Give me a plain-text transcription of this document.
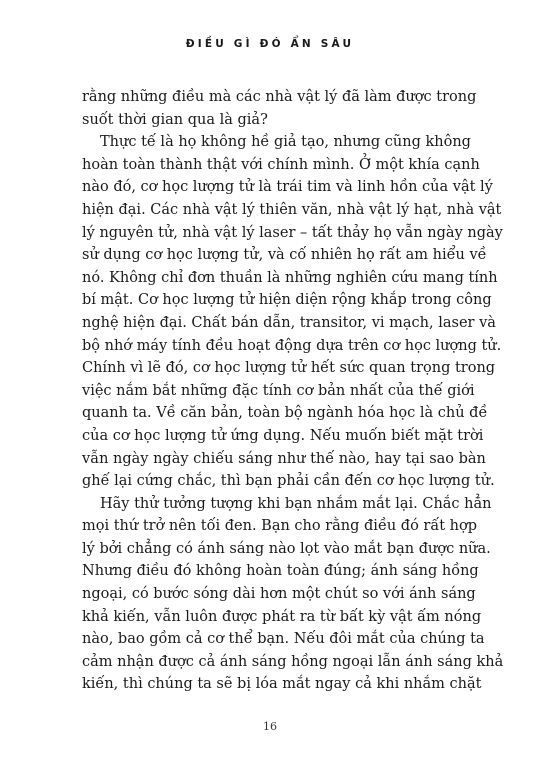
ĐIỀU GÌ ĐÓ ẨN SÂU
rằng những điều mà các nhà vật lý đã làm được trong
suốt thời gian qua là giả?
Thực tế là họ không hề giả tạo, nhưng cũng không
hoàn toàn thành thật với chính mình. Ở một khía cạnh
nào đó, cơ học lượng tử là trái tim và linh hồn của vật lý
hiện đại. Các nhà vật lý thiên văn, nhà vật lý hạt, nhà vật
lý nguyên tử, nhà vật lý laser – tất thảy họ vẫn ngày ngày
sử dụng cơ học lượng tử, và cố nhiên họ rất am hiểu về
nó. Không chỉ đơn thuần là những nghiên cứu mang tính
bí mật. Cơ học lượng tử hiện diện rộng khắp trong công
nghệ hiện đại. Chất bán dẫn, transitor, vi mạch, laser và
bộ nhớ máy tính đều hoạt động dựa trên cơ học lượng tử.
Chính vì lẽ đó, cơ học lượng tử hết sức quan trọng trong
việc nắm bắt những đặc tính cơ bản nhất của thế giới
quanh ta. Về căn bản, toàn bộ ngành hóa học là chủ đề
của cơ học lượng tử ứng dụng. Nếu muốn biết mặt trời
vẫn ngày ngày chiếu sáng như thế nào, hay tại sao bàn
ghế lại cứng chắc, thì bạn phải cần đến cơ học lượng tử.
Hãy thử tưởng tượng khi bạn nhắm mắt lại. Chắc hẳn
mọi thứ trở nên tối đen. Bạn cho rằng điều đó rất hợp
lý bởi chẳng có ánh sáng nào lọt vào mắt bạn được nữa.
Nhưng điều đó không hoàn toàn đúng; ánh sáng hồng
ngoại, có bước sóng dài hơn một chút so với ánh sáng
khả kiến, vẫn luôn được phát ra từ bất kỳ vật ấm nóng
nào, bao gồm cả cơ thể bạn. Nếu đôi mắt của chúng ta
cảm nhận được cả ánh sáng hồng ngoại lẫn ánh sáng khả
kiến, thì chúng ta sẽ bị lóa mắt ngay cả khi nhắm chặt
16
